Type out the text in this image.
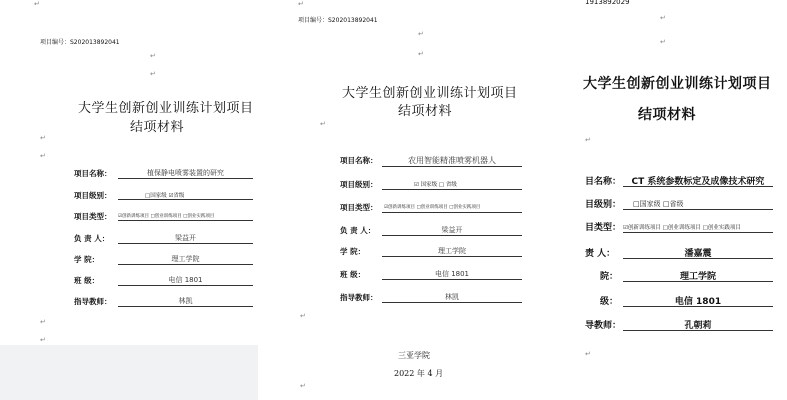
↵
项目编号：S202013892041
↵
↵
大学生创新创业训练计划项目
结项材料
↵
↵
项目名称：	植保静电喷雾装置的研究
项目级别：	□国家级 ☑省级
项目类型： ☑创新训练项目 □创业训练项目 □创业实践项目
负 责 人：	梁益开
学 院：	理工学院
班 级：	电信 1801
指导教师：	林凯
↵
↵
↵
项目编号：S202013892041
↵
↵
大学生创新创业训练计划项目
结项材料
↵
项目名称：	农用智能精准喷雾机器人
项目级别：	☑ 国家级 □ 省级
项目类型： ☑创新训练项目 □创业训练项目 □创业实践项目
负 责 人：	梁益开
学 院：	理工学院
班 级：	电信 1801
指导教师：	林凯
↵
三亚学院
2022 年 4 月
↵
1913892029
↵
↵
大学生创新创业训练计划项目
结项材料
↵
目名称：	CT 系统参数标定及成像技术研究
目级别： □国家级 □省级
目类型： ☑创新训练项目 □创业训练项目 □创业实践项目
责 人：	潘嘉震
院：	理工学院
级：	电信 1801
导教师：	孔朝莉
↵
